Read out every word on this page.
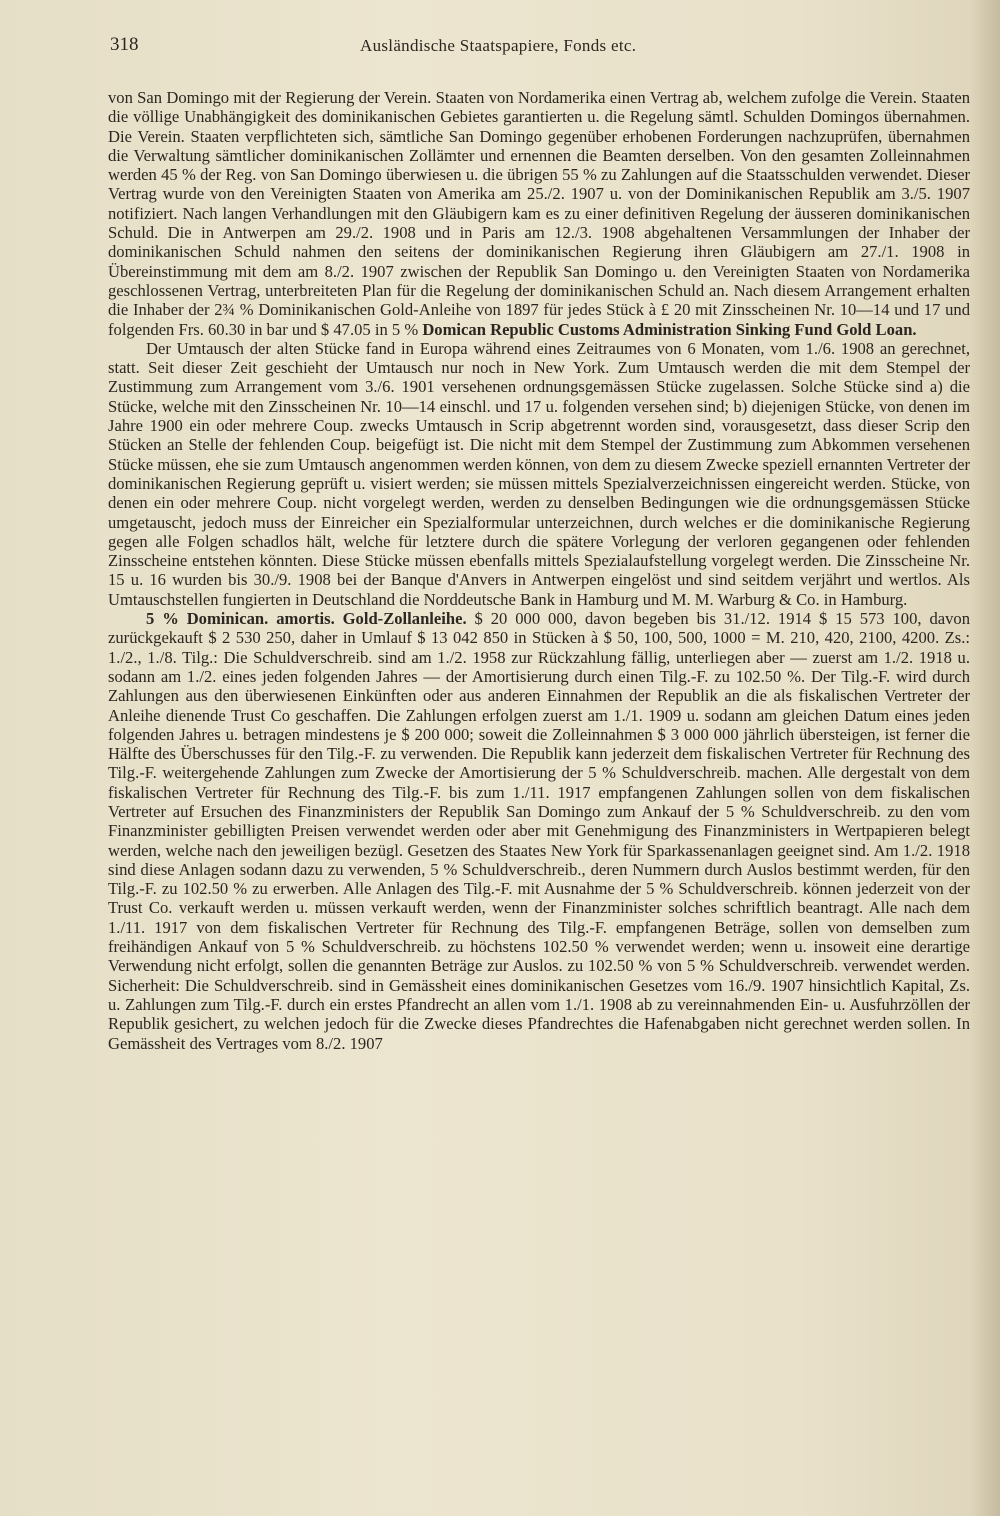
318	Ausländische Staatspapiere, Fonds etc.

von San Domingo mit der Regierung der Verein. Staaten von Nordamerika einen Vertrag ab, welchem zufolge die Verein. Staaten die völlige Unabhängigkeit des dominikanischen Gebietes garantierten u. die Regelung sämtl. Schulden Domingos übernahmen. Die Verein. Staaten verpflichteten sich, sämtliche San Domingo gegenüber erhobenen Forderungen nachzuprüfen, übernahmen die Verwaltung sämtlicher dominikanischen Zollämter und ernennen die Beamten derselben. Von den gesamten Zolleinnahmen werden 45 % der Reg. von San Domingo überwiesen u. die übrigen 55 % zu Zahlungen auf die Staatsschulden verwendet. Dieser Vertrag wurde von den Vereinigten Staaten von Amerika am 25./2. 1907 u. von der Dominikanischen Republik am 3./5. 1907 notifiziert. Nach langen Verhandlungen mit den Gläubigern kam es zu einer definitiven Regelung der äusseren dominikanischen Schuld. Die in Antwerpen am 29./2. 1908 und in Paris am 12./3. 1908 abgehaltenen Versammlungen der Inhaber der dominikanischen Schuld nahmen den seitens der dominikanischen Regierung ihren Gläubigern am 27./1. 1908 in Übereinstimmung mit dem am 8./2. 1907 zwischen der Republik San Domingo u. den Vereinigten Staaten von Nordamerika geschlossenen Vertrag, unterbreiteten Plan für die Regelung der dominikanischen Schuld an. Nach diesem Arrangement erhalten die Inhaber der 2¾ % Dominikanischen Gold-Anleihe von 1897 für jedes Stück à £ 20 mit Zinsscheinen Nr. 10—14 und 17 und folgenden Frs. 60.30 in bar und $ 47.05 in 5 % Domican Republic Customs Administration Sinking Fund Gold Loan.

Der Umtausch der alten Stücke fand in Europa während eines Zeitraumes von 6 Monaten, vom 1./6. 1908 an gerechnet, statt. Seit dieser Zeit geschieht der Umtausch nur noch in New York. Zum Umtausch werden die mit dem Stempel der Zustimmung zum Arrangement vom 3./6. 1901 versehenen ordnungsgemässen Stücke zugelassen. Solche Stücke sind a) die Stücke, welche mit den Zinsscheinen Nr. 10—14 einschl. und 17 u. folgenden versehen sind; b) diejenigen Stücke, von denen im Jahre 1900 ein oder mehrere Coup. zwecks Umtausch in Scrip abgetrennt worden sind, vorausgesetzt, dass dieser Scrip den Stücken an Stelle der fehlenden Coup. beigefügt ist. Die nicht mit dem Stempel der Zustimmung zum Abkommen versehenen Stücke müssen, ehe sie zum Umtausch angenommen werden können, von dem zu diesem Zwecke speziell ernannten Vertreter der dominikanischen Regierung geprüft u. visiert werden; sie müssen mittels Spezialverzeichnissen eingereicht werden. Stücke, von denen ein oder mehrere Coup. nicht vorgelegt werden, werden zu denselben Bedingungen wie die ordnungsgemässen Stücke umgetauscht, jedoch muss der Einreicher ein Spezialformular unterzeichnen, durch welches er die dominikanische Regierung gegen alle Folgen schadlos hält, welche für letztere durch die spätere Vorlegung der verloren gegangenen oder fehlenden Zinsscheine entstehen könnten. Diese Stücke müssen ebenfalls mittels Spezialaufstellung vorgelegt werden. Die Zinsscheine Nr. 15 u. 16 wurden bis 30./9. 1908 bei der Banque d'Anvers in Antwerpen eingelöst und sind seitdem verjährt und wertlos. Als Umtauschstellen fungierten in Deutschland die Norddeutsche Bank in Hamburg und M. M. Warburg & Co. in Hamburg.

5 % Dominican. amortis. Gold-Zollanleihe. $ 20 000 000, davon begeben bis 31./12. 1914 $ 15 573 100, davon zurückgekauft $ 2 530 250, daher in Umlauf $ 13 042 850 in Stücken à $ 50, 100, 500, 1000 = M. 210, 420, 2100, 4200. Zs.: 1./2., 1./8. Tilg.: Die Schuldverschreib. sind am 1./2. 1958 zur Rückzahlung fällig, unterliegen aber — zuerst am 1./2. 1918 u. sodann am 1./2. eines jeden folgenden Jahres — der Amortisierung durch einen Tilg.-F. zu 102.50 %. Der Tilg.-F. wird durch Zahlungen aus den überwiesenen Einkünften oder aus anderen Einnahmen der Republik an die als fiskalischen Vertreter der Anleihe dienende Trust Co geschaffen. Die Zahlungen erfolgen zuerst am 1./1. 1909 u. sodann am gleichen Datum eines jeden folgenden Jahres u. betragen mindestens je $ 200 000; soweit die Zolleinnahmen $ 3 000 000 jährlich übersteigen, ist ferner die Hälfte des Überschusses für den Tilg.-F. zu verwenden. Die Republik kann jederzeit dem fiskalischen Vertreter für Rechnung des Tilg.-F. weitergehende Zahlungen zum Zwecke der Amortisierung der 5 % Schuldverschreib. machen. Alle dergestalt von dem fiskalischen Vertreter für Rechnung des Tilg.-F. bis zum 1./11. 1917 empfangenen Zahlungen sollen von dem fiskalischen Vertreter auf Ersuchen des Finanzministers der Republik San Domingo zum Ankauf der 5 % Schuldverschreib. zu den vom Finanzminister gebilligten Preisen verwendet werden oder aber mit Genehmigung des Finanzministers in Wertpapieren belegt werden, welche nach den jeweiligen bezügl. Gesetzen des Staates New York für Sparkassenanlagen geeignet sind. Am 1./2. 1918 sind diese Anlagen sodann dazu zu verwenden, 5 % Schuldverschreib., deren Nummern durch Auslos bestimmt werden, für den Tilg.-F. zu 102.50 % zu erwerben. Alle Anlagen des Tilg.-F. mit Ausnahme der 5 % Schuldverschreib. können jederzeit von der Trust Co. verkauft werden u. müssen verkauft werden, wenn der Finanzminister solches schriftlich beantragt. Alle nach dem 1./11. 1917 von dem fiskalischen Vertreter für Rechnung des Tilg.-F. empfangenen Beträge, sollen von demselben zum freihändigen Ankauf von 5 % Schuldverschreib. zu höchstens 102.50 % verwendet werden; wenn u. insoweit eine derartige Verwendung nicht erfolgt, sollen die genannten Beträge zur Auslos. zu 102.50 % von 5 % Schuldverschreib. verwendet werden. Sicherheit: Die Schuldverschreib. sind in Gemässheit eines dominikanischen Gesetzes vom 16./9. 1907 hinsichtlich Kapital, Zs. u. Zahlungen zum Tilg.-F. durch ein erstes Pfandrecht an allen vom 1./1. 1908 ab zu vereinnahmenden Ein- u. Ausfuhrzöllen der Republik gesichert, zu welchen jedoch für die Zwecke dieses Pfandrechtes die Hafenabgaben nicht gerechnet werden sollen. In Gemässheit des Vertrages vom 8./2. 1907
